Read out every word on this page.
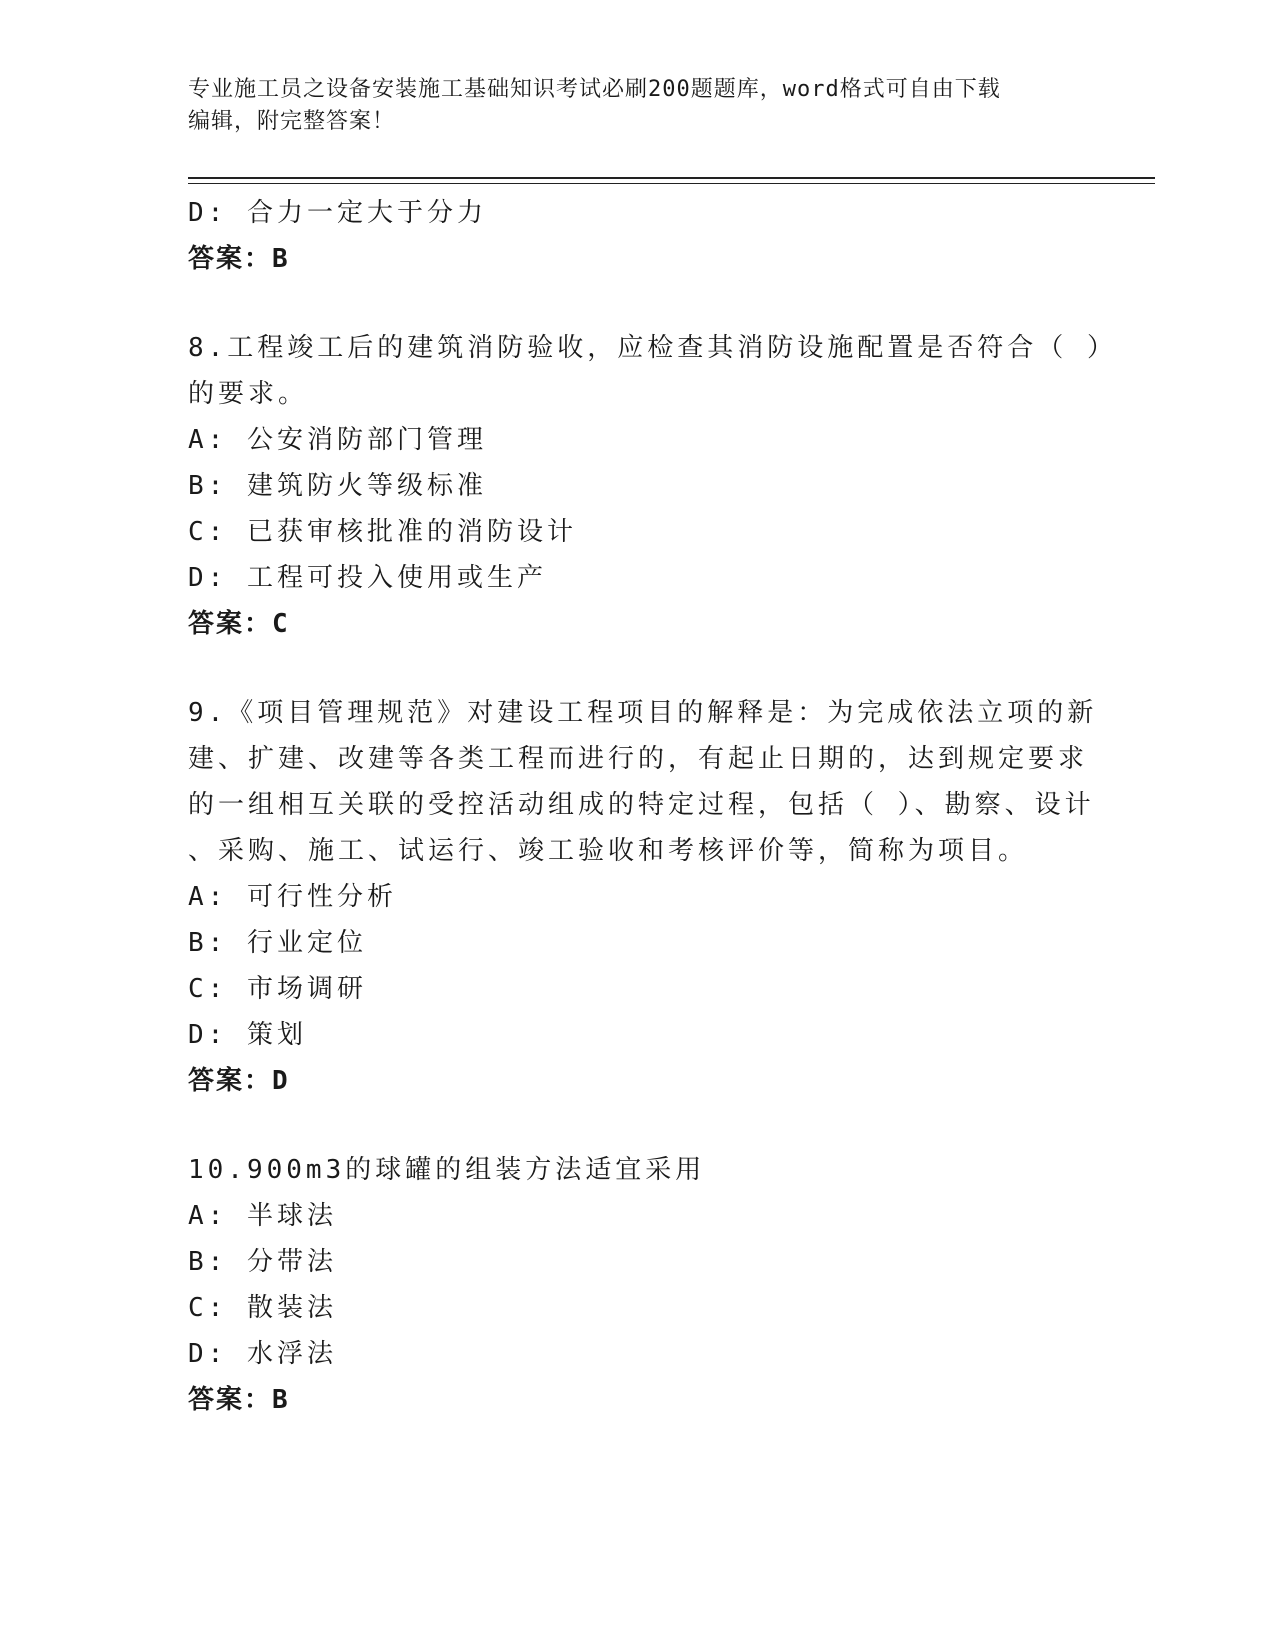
专业施工员之设备安装施工基础知识考试必刷200题题库，word格式可自由下载
编辑，附完整答案！
D: 合力一定大于分力
答案：B
8.工程竣工后的建筑消防验收，应检查其消防设施配置是否符合（ ）
的要求。
A: 公安消防部门管理
B: 建筑防火等级标准
C: 已获审核批准的消防设计
D: 工程可投入使用或生产
答案：C
9.《项目管理规范》对建设工程项目的解释是：为完成依法立项的新
建、扩建、改建等各类工程而进行的，有起止日期的，达到规定要求
的一组相互关联的受控活动组成的特定过程，包括（ ）、勘察、设计
、采购、施工、试运行、竣工验收和考核评价等，简称为项目。
A: 可行性分析
B: 行业定位
C: 市场调研
D: 策划
答案：D
10.900m3的球罐的组装方法适宜采用
A: 半球法
B: 分带法
C: 散装法
D: 水浮法
答案：B
